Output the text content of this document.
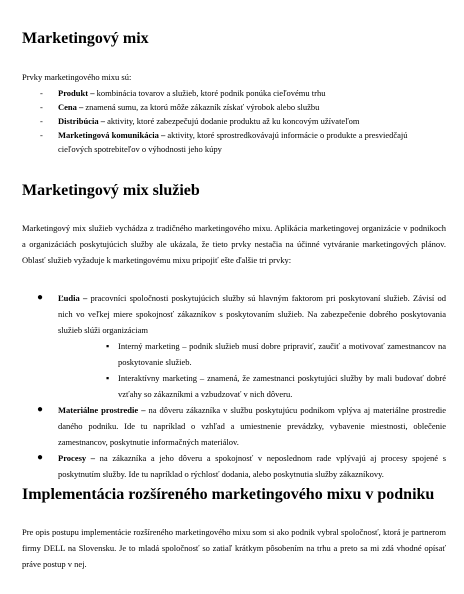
Marketingový mix
Prvky marketingového mixu sú:
- Produkt – kombinácia tovarov a služieb, ktoré podnik ponúka cieľovému trhu
- Cena – znamená sumu, za ktorú môže zákazník získať výrobok alebo službu
- Distribúcia – aktivity, ktoré zabezpečujú dodanie produktu až ku koncovým užívateľom
- Marketingová komunikácia – aktivity, ktoré sprostredkovávajú informácie o produkte a presviedčajú cieľových spotrebiteľov o výhodnosti jeho kúpy
Marketingový mix služieb
Marketingový mix služieb vychádza z tradičného marketingového mixu. Aplikácia marketingovej organizácie v podnikoch a organizáciách poskytujúcich služby ale ukázala, že tieto prvky nestačia na účinné vytváranie marketingových plánov. Oblasť služieb vyžaduje k marketingovému mixu pripojiť ešte ďalšie tri prvky:
● Ľudia – pracovníci spoločnosti poskytujúcich služby sú hlavným faktorom pri poskytovaní služieb. Závisí od nich vo veľkej miere spokojnosť zákazníkov s poskytovaním služieb. Na zabezpečenie dobrého poskytovania služieb slúži organizáciam
▪ Interný marketing – podnik služieb musí dobre pripraviť, zaučiť a motivovať zamestnancov na poskytovanie služieb.
▪ Interaktívny marketing – znamená, že zamestnanci poskytujúci služby by mali budovať dobré vzťahy so zákazníkmi a vzbudzovať v nich dôveru.
● Materiálne prostredie – na dôveru zákazníka v službu poskytujúcu podnikom vplýva aj materiálne prostredie daného podniku. Ide tu napríklad o vzhľad a umiestnenie prevádzky, vybavenie miestnosti, oblečenie zamestnancov, poskytnutie informačných materiálov.
● Procesy – na zákazníka a jeho dôveru a spokojnosť v neposlednom rade vplývajú aj procesy spojené s poskytnutím služby. Ide tu napríklad o rýchlosť dodania, alebo poskytnutia služby zákazníkovy.
Implementácia rozšíreného marketingového mixu v podniku
Pre opis postupu implementácie rozšíreného marketingového mixu som si ako podnik vybral spoločnosť, ktorá je partnerom firmy DELL na Slovensku. Je to mladá spoločnosť so zatiaľ krátkym pôsobením na trhu a preto sa mi zdá vhodné opísať práve postup v nej.
